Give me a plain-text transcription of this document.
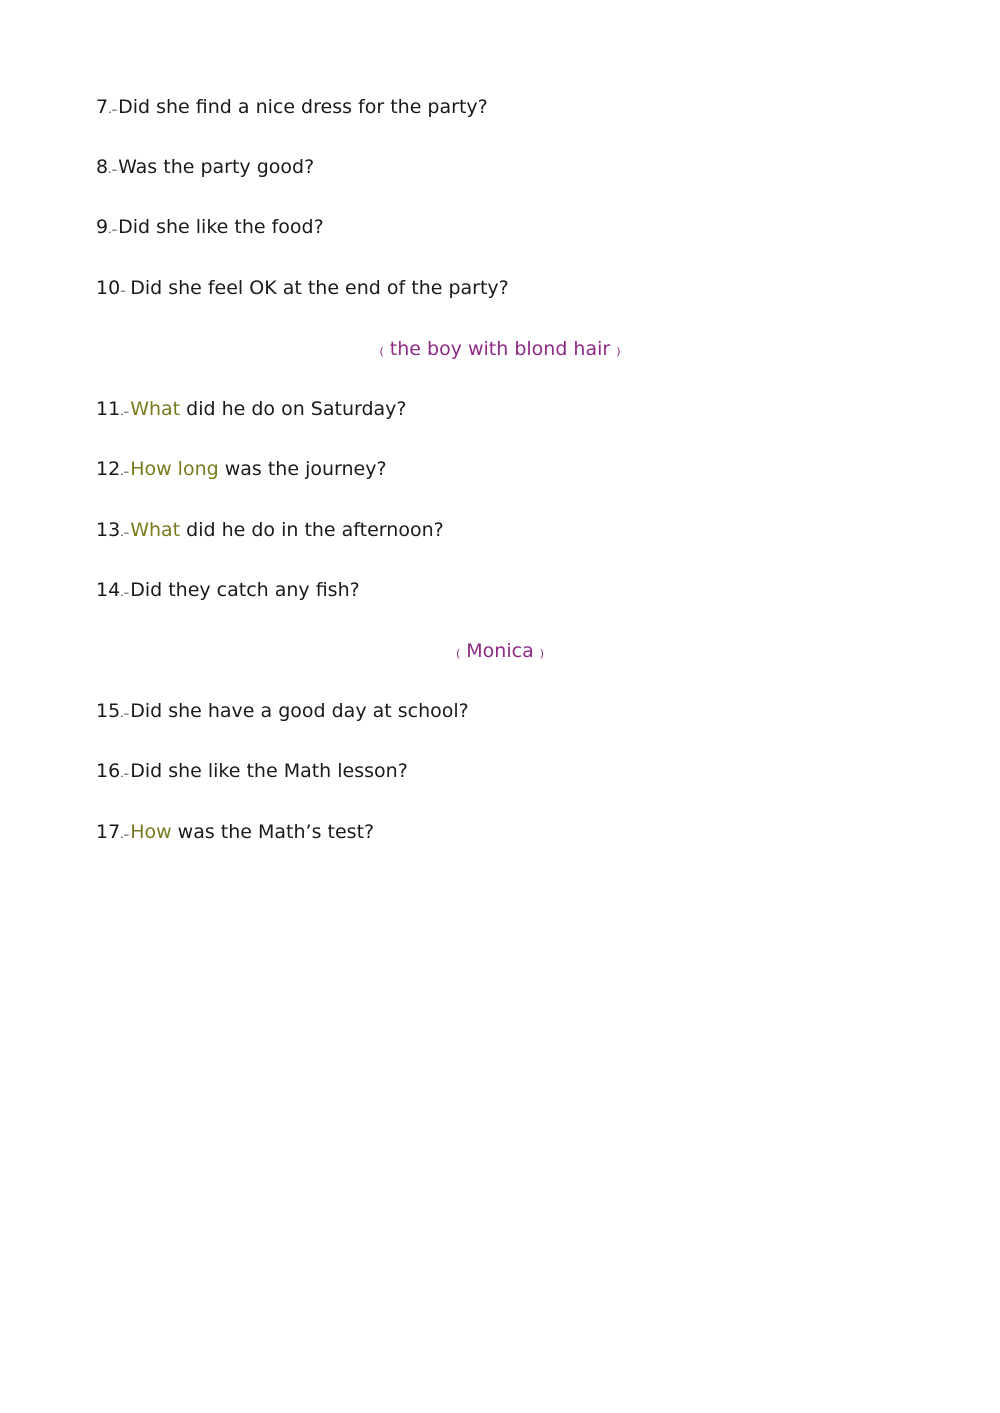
7.–Did she find a nice dress for the party?
8.–Was the party good?
9.–Did she like the food?
10– Did she feel OK at the end of the party?
( the boy with blond hair )
11.–What did he do on Saturday?
12.–How long was the journey?
13.–What did he do in the afternoon?
14.–Did they catch any fish?
( Monica )
15.–Did she have a good day at school?
16.–Did she like the Math lesson?
17.–How was the Math’s test?
